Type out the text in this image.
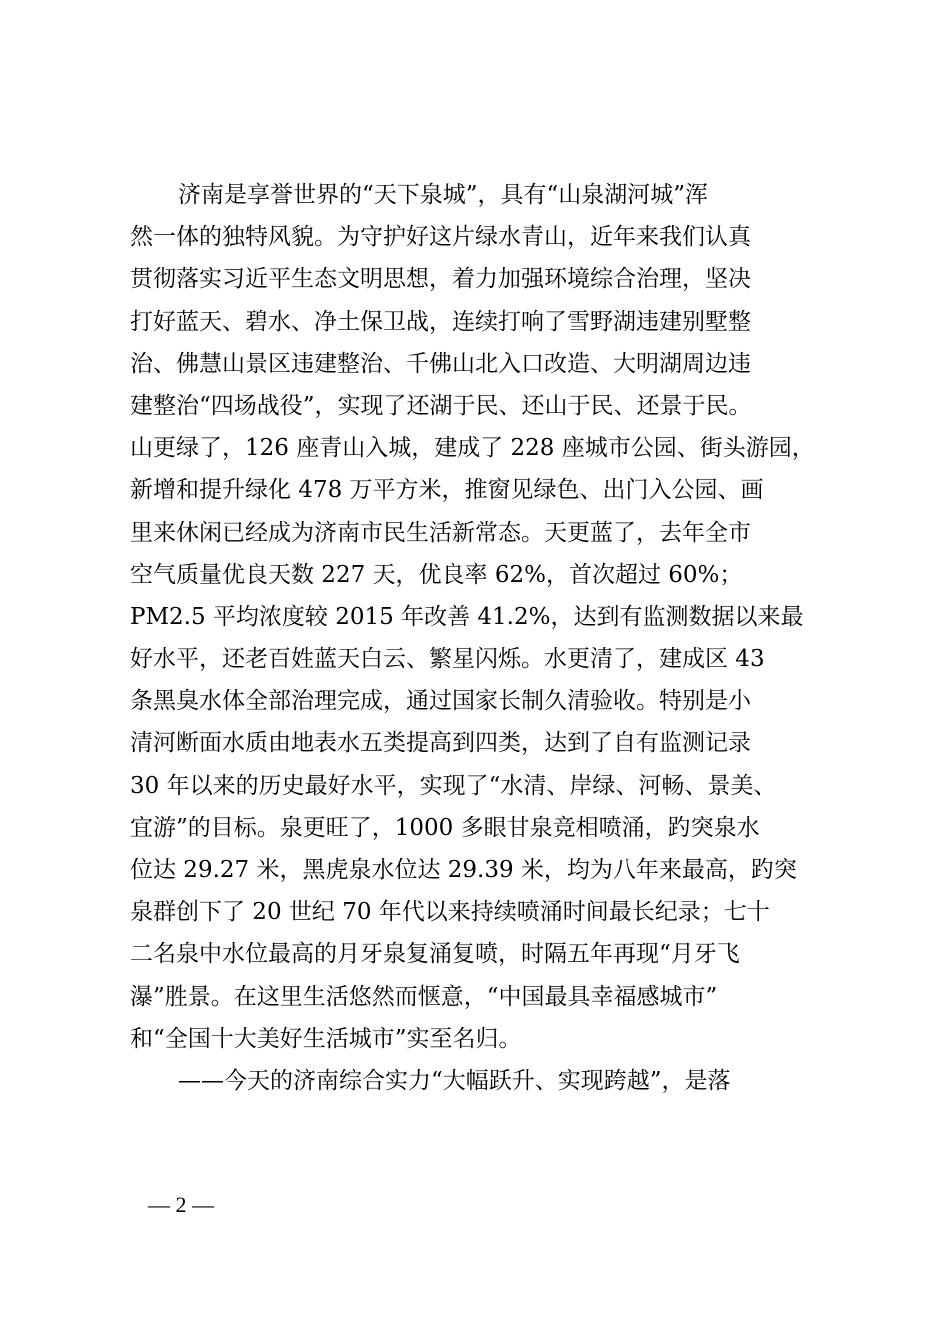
济南是享誉世界的“天下泉城”，具有“山泉湖河城”浑
然一体的独特风貌。为守护好这片绿水青山，近年来我们认真
贯彻落实习近平生态文明思想，着力加强环境综合治理，坚决
打好蓝天、碧水、净土保卫战，连续打响了雪野湖违建别墅整
治、佛慧山景区违建整治、千佛山北入口改造、大明湖周边违
建整治“四场战役”，实现了还湖于民、还山于民、还景于民。
山更绿了，126 座青山入城，建成了 228 座城市公园、街头游园，
新增和提升绿化 478 万平方米，推窗见绿色、出门入公园、画
里来休闲已经成为济南市民生活新常态。天更蓝了，去年全市
空气质量优良天数 227 天，优良率 62%，首次超过 60%；
PM2.5 平均浓度较 2015 年改善 41.2%，达到有监测数据以来最
好水平，还老百姓蓝天白云、繁星闪烁。水更清了，建成区 43
条黑臭水体全部治理完成，通过国家长制久清验收。特别是小
清河断面水质由地表水五类提高到四类，达到了自有监测记录
30 年以来的历史最好水平，实现了“水清、岸绿、河畅、景美、
宜游”的目标。泉更旺了，1000 多眼甘泉竞相喷涌，趵突泉水
位达 29.27 米，黑虎泉水位达 29.39 米，均为八年来最高，趵突
泉群创下了 20 世纪 70 年代以来持续喷涌时间最长纪录；七十
二名泉中水位最高的月牙泉复涌复喷，时隔五年再现“月牙飞
瀑”胜景。在这里生活悠然而惬意，“中国最具幸福感城市”
和“全国十大美好生活城市”实至名归。
——今天的济南综合实力“大幅跃升、实现跨越”，是落
— 2 —
